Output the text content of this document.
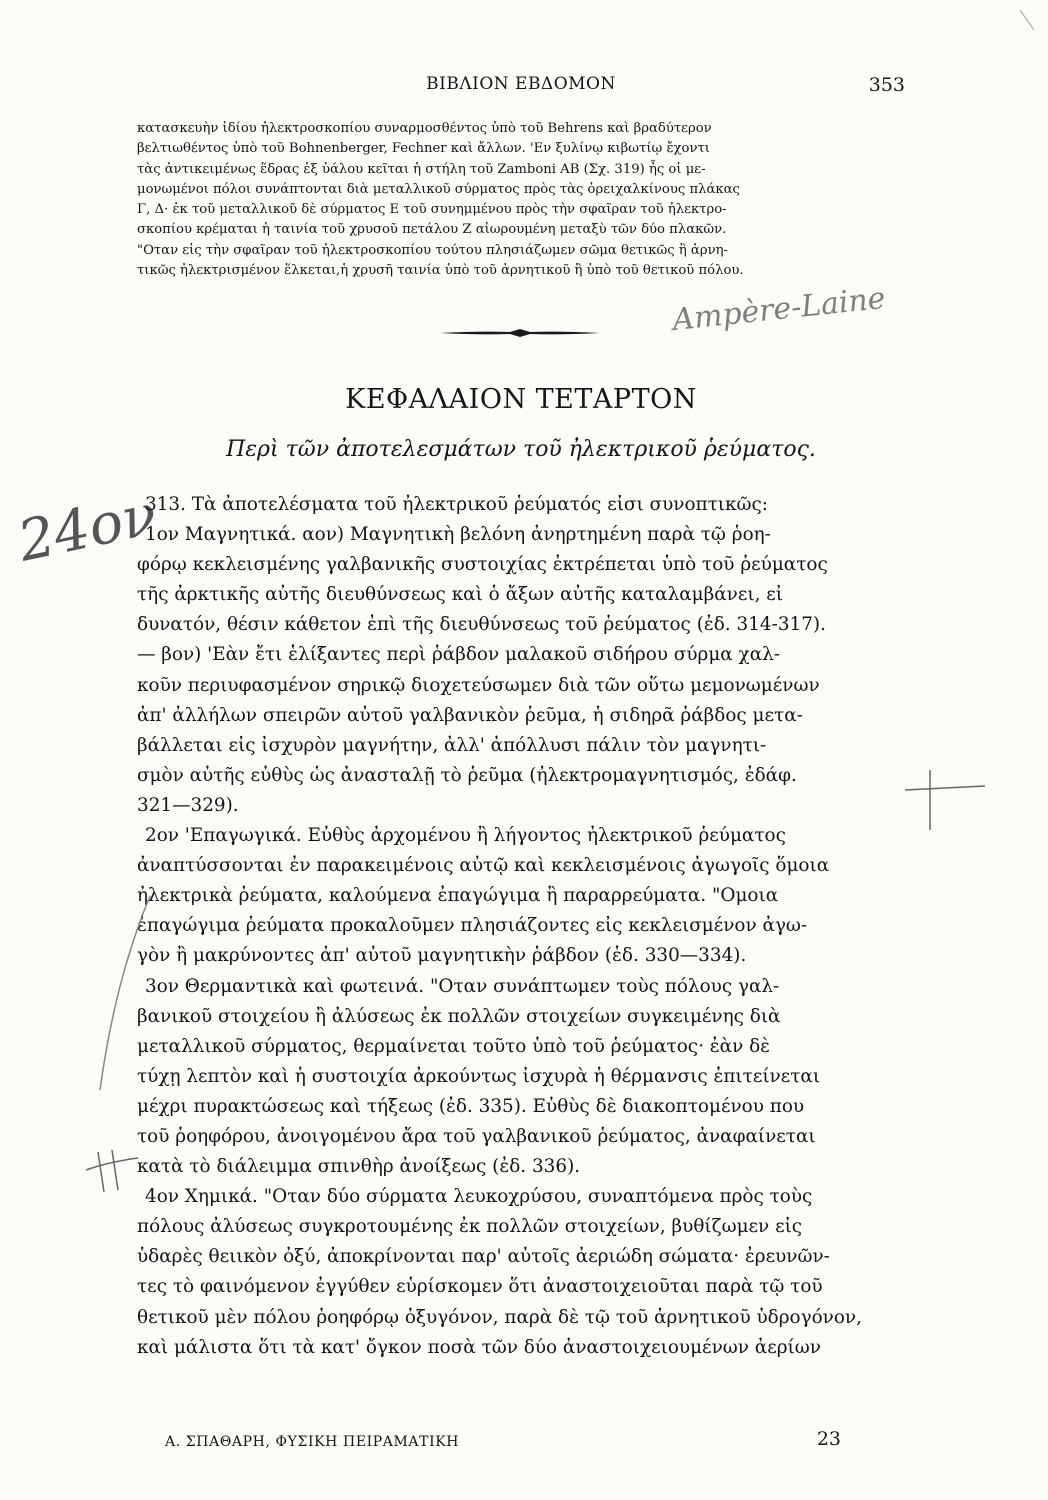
ΒΙΒΛΙΟΝ ΕΒΔΟΜΟΝ	353

κατασκευὴν ἰδίου ἠλεκτροσκοπίου συναρμοσθέντος ὑπὸ τοῦ Behrens καὶ βραδύτερον

βελτιωθέντος ὑπὸ τοῦ Bohnenberger, Fechner καὶ ἄλλων. 'Εν ξυλίνῳ κιβωτίῳ ἔχοντι

τὰς ἀντικειμένως ἕδρας ἐξ ὑάλου κεῖται ἡ στήλη τοῦ Zamboni AB (Σχ. 319) ἧς οἱ με-

μονωμένοι πόλοι συνάπτονται διὰ μεταλλικοῦ σύρματος πρὸς τὰς ὀρειχαλκίνους πλάκας

Γ, Δ· ἐκ τοῦ μεταλλικοῦ δὲ σύρματος Ε τοῦ συνημμένου πρὸς τὴν σφαῖραν τοῦ ἠλεκτρο-

σκοπίου κρέμαται ἡ ταινία τοῦ χρυσοῦ πετάλου Ζ αἰωρουμένη μεταξὺ τῶν δύο πλακῶν.

"Οταν εἰς τὴν σφαῖραν τοῦ ἠλεκτροσκοπίου τούτου πλησιάζωμεν σῶμα θετικῶς ἢ ἀρνη-

τικῶς ἠλεκτρισμένον ἕλκεται,ἡ χρυσῆ ταινία ὑπὸ τοῦ ἀρνητικοῦ ἢ ὑπὸ τοῦ θετικοῦ πόλου.

Ampère-Laine
ΚΕΦΑΛΑΙΟΝ ΤΕΤΑΡΤΟΝ
Περὶ τῶν ἀποτελεσμάτων τοῦ ἠλεκτρικοῦ ῥεύματος.
24ον

313. Τὰ ἀποτελέσματα τοῦ ἠλεκτρικοῦ ῥεύματός εἰσι συνοπτικῶς:

1ον Μαγνητικά. αον) Μαγνητικὴ βελόνη ἀνηρτημένη παρὰ τῷ ῥοη-

φόρῳ κεκλεισμένης γαλβανικῆς συστοιχίας ἐκτρέπεται ὑπὸ τοῦ ῥεύματος

τῆς ἀρκτικῆς αὐτῆς διευθύνσεως καὶ ὁ ἄξων αὐτῆς καταλαμβάνει, εἰ

δυνατόν, θέσιν κάθετον ἐπὶ τῆς διευθύνσεως τοῦ ῥεύματος (ἐδ. 314-317).

— βον) 'Εὰν ἔτι ἑλίξαντες περὶ ῥάβδον μαλακοῦ σιδήρου σύρμα χαλ-

κοῦν περιυφασμένον σηρικῷ διοχετεύσωμεν διὰ τῶν οὕτω μεμονωμένων

ἀπ' ἀλλήλων σπειρῶν αὐτοῦ γαλβανικὸν ῥεῦμα, ἡ σιδηρᾶ ῥάβδος μετα-

βάλλεται εἰς ἰσχυρὸν μαγνήτην, ἀλλ' ἀπόλλυσι πάλιν τὸν μαγνητι-

σμὸν αὐτῆς εὐθὺς ὡς ἀνασταλῇ τὸ ῥεῦμα (ἠλεκτρομαγνητισμός, ἐδάφ.

321—329).

2ον 'Επαγωγικά. Εὐθὺς ἀρχομένου ἢ λήγοντος ἠλεκτρικοῦ ῥεύματος

ἀναπτύσσονται ἐν παρακειμένοις αὐτῷ καὶ κεκλεισμένοις ἀγωγοῖς ὅμοια

ἠλεκτρικὰ ῥεύματα, καλούμενα ἐπαγώγιμα ἢ παραρρεύματα. "Ομοια

ἐπαγώγιμα ῥεύματα προκαλοῦμεν πλησιάζοντες εἰς κεκλεισμένον ἀγω-

γὸν ἢ μακρύνοντες ἀπ' αὐτοῦ μαγνητικὴν ῥάβδον (ἐδ. 330—334).

3ον Θερμαντικὰ καὶ φωτεινά. "Οταν συνάπτωμεν τοὺς πόλους γαλ-

βανικοῦ στοιχείου ἢ ἀλύσεως ἐκ πολλῶν στοιχείων συγκειμένης διὰ

μεταλλικοῦ σύρματος, θερμαίνεται τοῦτο ὑπὸ τοῦ ῥεύματος· ἐὰν δὲ

τύχῃ λεπτὸν καὶ ἡ συστοιχία ἀρκούντως ἰσχυρὰ ἡ θέρμανσις ἐπιτείνεται

μέχρι πυρακτώσεως καὶ τήξεως (ἐδ. 335). Εὐθὺς δὲ διακοπτομένου που

τοῦ ῥοηφόρου, ἀνοιγομένου ἄρα τοῦ γαλβανικοῦ ῥεύματος, ἀναφαίνεται

κατὰ τὸ διάλειμμα σπινθὴρ ἀνοίξεως (ἐδ. 336).

4ον Χημικά. "Οταν δύο σύρματα λευκοχρύσου, συναπτόμενα πρὸς τοὺς

πόλους ἀλύσεως συγκροτουμένης ἐκ πολλῶν στοιχείων, βυθίζωμεν εἰς

ὑδαρὲς θειικὸν ὀξύ, ἀποκρίνονται παρ' αὐτοῖς ἀεριώδη σώματα· ἐρευνῶν-

τες τὸ φαινόμενον ἐγγύθεν εὑρίσκομεν ὅτι ἀναστοιχειοῦται παρὰ τῷ τοῦ

θετικοῦ μὲν πόλου ῥοηφόρῳ ὀξυγόνον, παρὰ δὲ τῷ τοῦ ἀρνητικοῦ ὑδρογόνον,

καὶ μάλιστα ὅτι τὰ κατ' ὄγκον ποσὰ τῶν δύο ἀναστοιχειουμένων ἀερίων

Α. ΣΠΑΘΑΡΗ, ΦΥΣΙΚΗ ΠΕΙΡΑΜΑΤΙΚΗ	23
